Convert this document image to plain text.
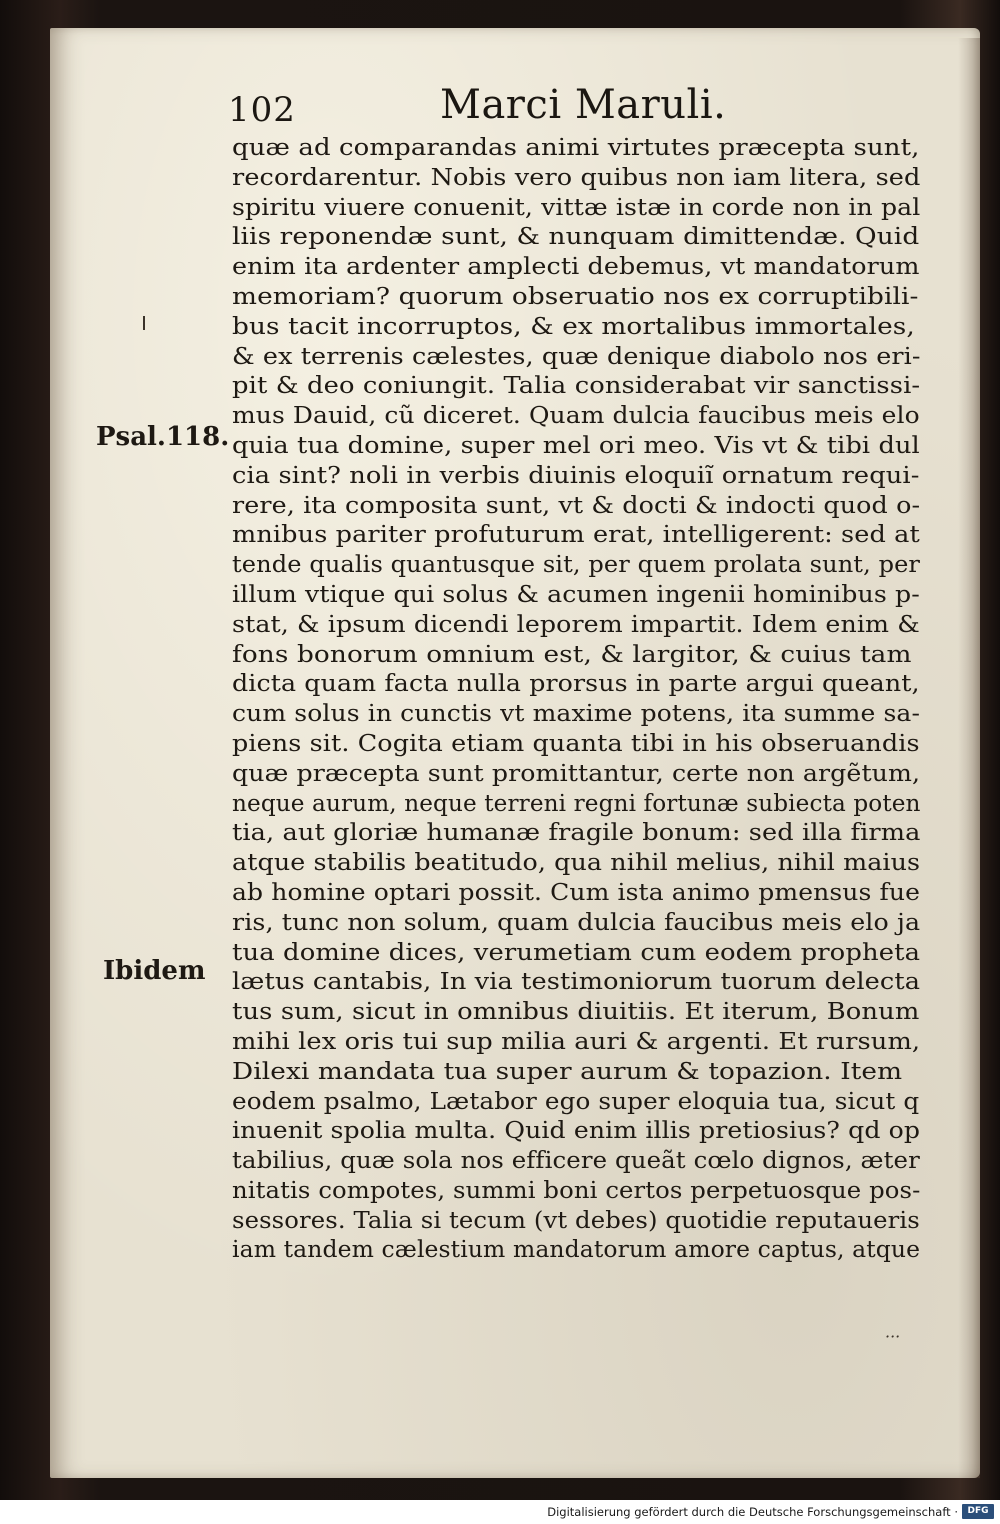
102	Marci Maruli.
Psal.118.
Ibidem
quæ ad comparandas animi virtutes præcepta sunt,
recordarentur. Nobis vero quibus non iam litera, sed
spiritu viuere conuenit, vittæ istæ in corde non in pal
liis reponendæ sunt, & nunquam dimittendæ. Quid
enim ita ardenter amplecti debemus, vt mandatorum
memoriam? quorum obseruatio nos ex corruptibili-
bus tacit incorruptos, & ex mortalibus immortales,
& ex terrenis cælestes, quæ denique diabolo nos eri-
pit & deo coniungit. Talia considerabat vir sanctissi-
mus Dauid, cũ diceret. Quam dulcia faucibus meis elo
quia tua domine, super mel ori meo. Vis vt & tibi dul
cia sint? noli in verbis diuinis eloquiĩ ornatum requi-
rere, ita composita sunt, vt & docti & indocti quod o-
mnibus pariter profuturum erat, intelligerent: sed at
tende qualis quantusque sit, per quem prolata sunt, per
illum vtique qui solus & acumen ingenii hominibus p-
stat, & ipsum dicendi leporem impartit. Idem enim &
fons bonorum omnium est, & largitor, & cuius tam
dicta quam facta nulla prorsus in parte argui queant,
cum solus in cunctis vt maxime potens, ita summe sa-
piens sit. Cogita etiam quanta tibi in his obseruandis
quæ præcepta sunt promittantur, certe non argẽtum,
neque aurum, neque terreni regni fortunæ subiecta poten
tia, aut gloriæ humanæ fragile bonum: sed illa firma
atque stabilis beatitudo, qua nihil melius, nihil maius
ab homine optari possit. Cum ista animo pmensus fue
ris, tunc non solum, quam dulcia faucibus meis elo ja
tua domine dices, verumetiam cum eodem propheta
lætus cantabis, In via testimoniorum tuorum delecta
tus sum, sicut in omnibus diuitiis. Et iterum, Bonum
mihi lex oris tui sup milia auri & argenti. Et rursum,
Dilexi mandata tua super aurum & topazion. Item
eodem psalmo, Lætabor ego super eloquia tua, sicut q
inuenit spolia multa. Quid enim illis pretiosius? qd op
tabilius, quæ sola nos efficere queãt cœlo dignos, æter
nitatis compotes, summi boni certos perpetuosque pos-
sessores. Talia si tecum (vt debes) quotidie reputaueris
iam tandem cælestium mandatorum amore captus, atque
···
Digitalisierung gefördert durch die Deutsche Forschungsgemeinschaft ·	DFG
